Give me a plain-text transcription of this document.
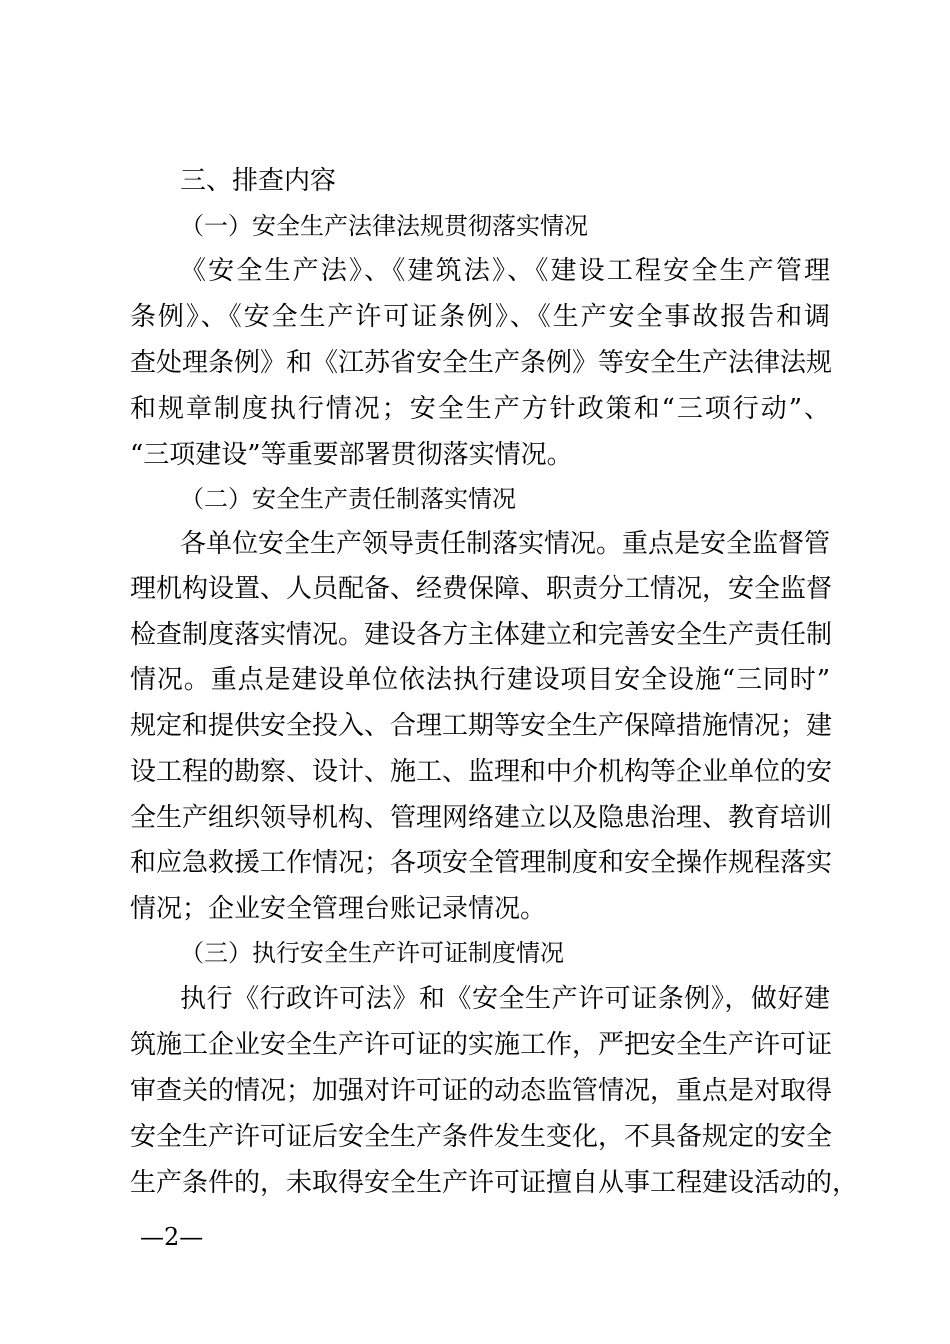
三、排查内容
（一）安全生产法律法规贯彻落实情况
《安全生产法》、《建筑法》、《建设工程安全生产管理
条例》、《安全生产许可证条例》、《生产安全事故报告和调
查处理条例》和《江苏省安全生产条例》等安全生产法律法规
和规章制度执行情况；安全生产方针政策和“三项行动”、
“三项建设”等重要部署贯彻落实情况。
（二）安全生产责任制落实情况
各单位安全生产领导责任制落实情况。重点是安全监督管
理机构设置、人员配备、经费保障、职责分工情况，安全监督
检查制度落实情况。建设各方主体建立和完善安全生产责任制
情况。重点是建设单位依法执行建设项目安全设施“三同时”
规定和提供安全投入、合理工期等安全生产保障措施情况；建
设工程的勘察、设计、施工、监理和中介机构等企业单位的安
全生产组织领导机构、管理网络建立以及隐患治理、教育培训
和应急救援工作情况；各项安全管理制度和安全操作规程落实
情况；企业安全管理台账记录情况。
（三）执行安全生产许可证制度情况
执行《行政许可法》和《安全生产许可证条例》，做好建
筑施工企业安全生产许可证的实施工作，严把安全生产许可证
审查关的情况；加强对许可证的动态监管情况，重点是对取得
安全生产许可证后安全生产条件发生变化，不具备规定的安全
生产条件的，未取得安全生产许可证擅自从事工程建设活动的，
—2—
